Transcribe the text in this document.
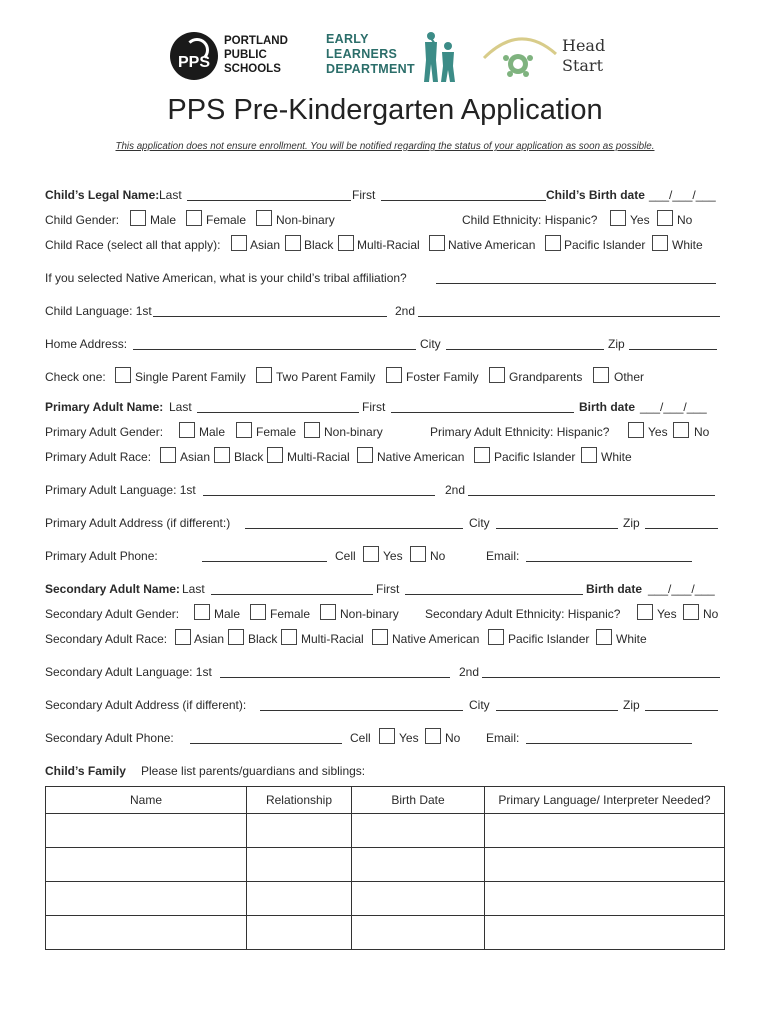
PPS
PORTLAND
PUBLIC
SCHOOLS
EARLY
LEARNERS
DEPARTMENT
Head
Start
PPS Pre-Kindergarten Application
This application does not ensure enrollment. You will be notified regarding the status of your application as soon as possible.
Child’s Legal Name: Last	First	Child’s Birth date ___/___/___
Child Gender:	Male Female Non-binary	Child Ethnicity: Hispanic?	Yes No
Child Race (select all that apply): Asian Black Multi-Racial Native American Pacific Islander White
If you selected Native American, what is your child’s tribal affiliation?
Child Language: 1st	2nd
Home Address:	City	Zip
Check one: Single Parent Family	Two Parent Family	Foster Family	Grandparents	Other
Primary Adult Name: Last	First	Birth date ___/___/___
Primary Adult Gender:	Male	Female Non-binary	Primary Adult Ethnicity: Hispanic?	Yes No
Primary Adult Race: Asian Black Multi-Racial Native American Pacific Islander White
Primary Adult Language: 1st	2nd
Primary Adult Address (if different:)	City	Zip
Primary Adult Phone:	Cell Yes No	Email:
Secondary Adult Name: Last	First	Birth date ___/___/___
Secondary Adult Gender:	Male Female Non-binary Secondary Adult Ethnicity: Hispanic?	Yes No
Secondary Adult Race: Asian Black Multi-Racial Native American Pacific Islander White
Secondary Adult Language: 1st	2nd
Secondary Adult Address (if different):	City	Zip
Secondary Adult Phone:	Cell Yes No Email:
Child’s Family Please list parents/guardians and siblings:
Name	Relationship	Birth Date	Primary Language/ Interpreter Needed?
